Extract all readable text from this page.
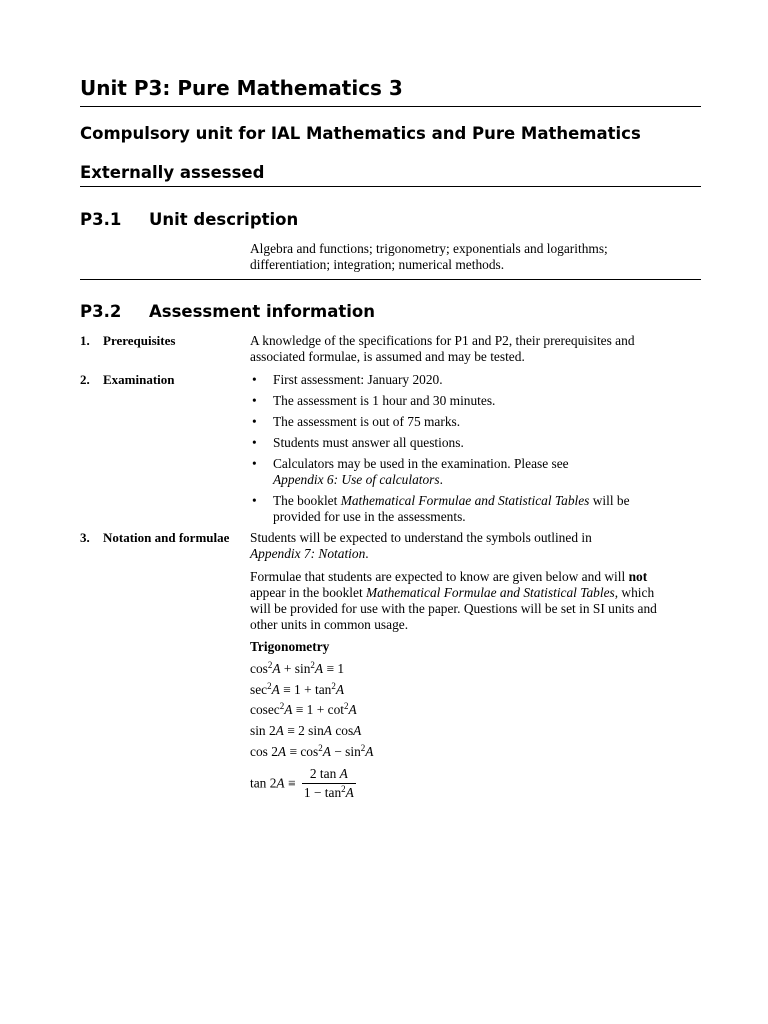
Unit P3: Pure Mathematics 3
Compulsory unit for IAL Mathematics and Pure Mathematics
Externally assessed
P3.1 Unit description
Algebra and functions; trigonometry; exponentials and logarithms;
differentiation; integration; numerical methods.
P3.2 Assessment information
1. Prerequisites	A knowledge of the specifications for P1 and P2, their prerequisites and
associated formulae, is assumed and may be tested.
2. Examination	• First assessment: January 2020.
• The assessment is 1 hour and 30 minutes.
• The assessment is out of 75 marks.
• Students must answer all questions.
• Calculators may be used in the examination. Please see
Appendix 6: Use of calculators.
• The booklet Mathematical Formulae and Statistical Tables will be
provided for use in the assessments.
3. Notation and formulae Students will be expected to understand the symbols outlined in
Appendix 7: Notation.
Formulae that students are expected to know are given below and will not
appear in the booklet Mathematical Formulae and Statistical Tables, which
will be provided for use with the paper. Questions will be set in SI units and
other units in common usage.
Trigonometry
$\cos^2A + \sin^2A \equiv 1$
$\sec^2A \equiv 1 + \tan^2A$
$cosec^2A \equiv 1 + \cot^2A$
sin 2A ≡ 2 sinA cosA
$\cos 2A \equiv \cos^2A - \sin^2A$
$\tan 2A \equiv \frac{\text{2 tan A}}{1 - \tan^2A}$
